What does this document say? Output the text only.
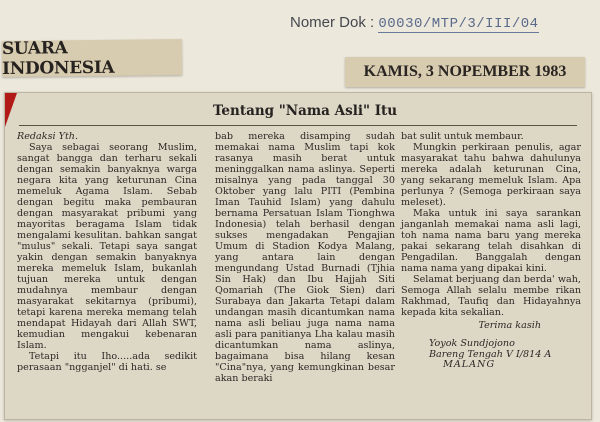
Nomer Dok : 00030/MTP/3/III/04
SUARA INDONESIA	KAMIS, 3 NOPEMBER 1983
Tentang "Nama Asli" Itu

Redaksi Yth.

Saya sebagai seorang Muslim, sangat bangga dan terharu sekali dengan semakin banyaknya warga negara kita yang keturunan Cina memeluk Agama Islam. Sebab dengan begitu maka pembauran dengan masyarakat pribumi yang mayoritas beragama Islam tidak mengalami kesulitan. bahkan sangat "mulus" sekali. Tetapi saya sangat yakin dengan semakin banyaknya mereka memeluk Islam, bukanlah tujuan mereka untuk dengan mudahnya membaur dengan masyarakat sekitarnya (pribumi), tetapi karena mereka memang telah mendapat Hidayah dari Allah SWT, kemudian mengakui kebenaran Islam.

Tetapi itu Iho.....ada sedikit perasaan "ngganjel" di hati. se

bab mereka disamping sudah memakai nama Muslim tapi kok rasanya masih berat untuk meninggalkan nama aslinya. Seperti misalnya yang pada tanggal 30 Oktober yang lalu PITI (Pembina Iman Tauhid Islam) yang dahulu bernama Persatuan Islam Tionghwa Indonesia) telah berhasil dengan sukses mengadakan Pengajian Umum di Stadion Kodya Malang, yang antara lain dengan mengundang Ustad Burnadi (Tjhia Sin Hak) dan Ibu Hajjah Siti Qomariah (The Giok Sien) dari Surabaya dan Jakarta Tetapi dalam undangan masih dicantumkan nama nama asli beliau juga nama nama asli para panitianya Lha kalau masih dicantumkan nama aslinya, bagaimana bisa hilang kesan "Cina"nya, yang kemungkinan besar akan beraki

bat sulit untuk membaur.

Mungkin perkiraan penulis, agar masyarakat tahu bahwa dahulunya mereka adalah keturunan Cina, yang sekarang memeluk Islam. Apa perlunya ? (Semoga perkiraan saya meleset).

Maka untuk ini saya sarankan janganlah memakai nama asli lagi, toh nama nama baru yang mereka pakai sekarang telah disahkan di Pengadilan. Banggalah dengan nama nama yang dipakai kini.

Selamat berjuang dan berda' wah, Semoga Allah selalu membe rikan Rakhmad, Taufiq dan Hidayahnya kepada kita sekalian.

Terima kasih

Yoyok Sundjojono
Bareng Tengah V I/814 A
MALANG
